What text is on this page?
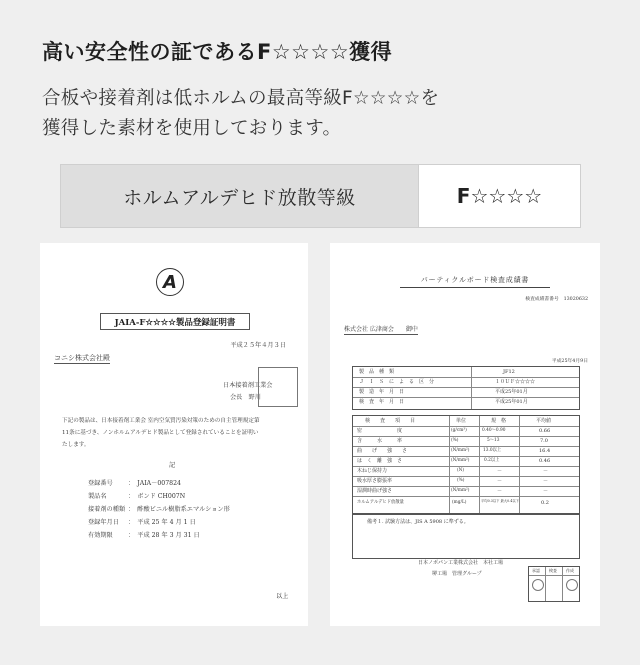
高い安全性の証であるF☆☆☆☆獲得
合板や接着剤は低ホルムの最高等級F☆☆☆☆を
獲得した素材を使用しております。
ホルムアルデヒド放散等級	F☆☆☆☆
A
JAIA-F☆☆☆☆製品登録証明書
平成２５年４月３日
コニシ株式会社殿
日本接着剤工業会
会長　野川
下記の製品は、日本接着剤工業会 室内空気質汚染対策のための自主管理規定第
11条に基づき、ノンホルムアルデヒド製品として登録されていることを証明い
たします。
記
登録番号 ：　JAIA－007824
製品名	：　ボンド CH007N
接着剤の種類 ：　酢酸ビニル樹脂系エマルション形
登録年月日 ：　平成 25 年 4 月 1 日
有効期限 ：　平成 28 年 3 月 31 日
以上
パーティクルボード検査成績書
検査成績書番号　13020632
株式会社 広津商会　　御中
平成25年4月9日
製　品　種　類	JF12
Ｊ　Ｉ　Ｓ　に　よ　る　区　分	１０ＵＦ☆☆☆☆
製　造　年　月　日	平成25年01月
検　査　年　月　日	平成25年01月
検　　査　　項　　目	単位	規　格	平均値
密　　　　　　　度	(g/cm³)	0.40～0.90	0.66
含　　　水　　　率	(%)	5～13	7.0
曲　　げ　　強　　さ	(N/mm²)	13.0以上	16.4
は　く　離　強　さ	(N/mm²)	0.2以上	0.46
木ねじ保持力	(N)	－	－
吸水厚さ膨張率	(%)	－	－
湿潤時曲げ強さ	(N/mm²)	－	－
ホルムアルデヒド放散量	(mg/L)	平均0.3以下 最大0.4以下	0.2
備考１. 試験方法は、JIS A 5908 に準ずる。
日本ノボパン工業株式会社　本社工場
堺工場　管理グループ
承認 検査 作成
